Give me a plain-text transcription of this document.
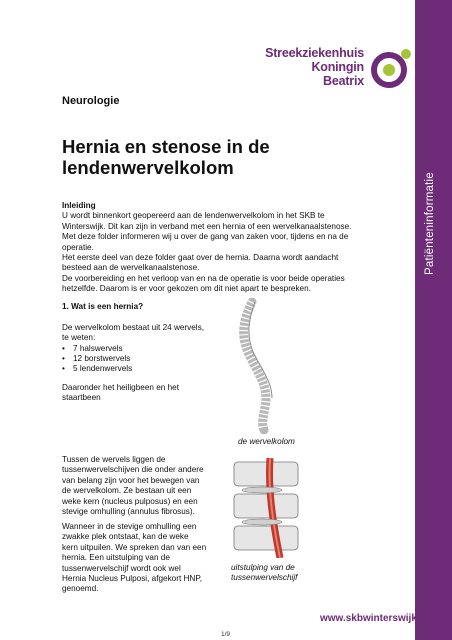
Patiënteninformatie
Streekziekenhuis
Koningin
Beatrix
Neurologie
Hernia en stenose in de lendenwervelkolom
Inleiding
U wordt binnenkort geopereerd aan de lendenwervelkolom in het SKB te
Winterswijk. Dit kan zijn in verband met een hernia of een wervelkanaalstenose.
Met deze folder informeren wij u over de gang van zaken voor, tijdens en na de
operatie.
Het eerste deel van deze folder gaat over de hernia. Daarna wordt aandacht
besteed aan de wervelkanaalstenose.
De voorbereiding en het verloop van en na de operatie is voor beide operaties
hetzelfde. Daarom is er voor gekozen om dit niet apart te bespreken.
1. Wat is een hernia?
De wervelkolom bestaat uit 24 wervels,
te weten:
• 7 halswervels
• 12 borstwervels
• 5 lendenwervels
Daaronder het heiligbeen en het
staartbeen
de wervelkolom
Tussen de wervels liggen de
tussenwervelschijven die onder andere
van belang zijn voor het bewegen van
de wervelkolom. Ze bestaan uit een
weke kern (nucleus pulposus) en een
stevige omhulling (annulus fibrosus).
Wanneer in de stevige omhulling een
zwakke plek ontstaat, kan de weke
kern uitpuilen. We spreken dan van een
hernia. Een uitstulping van de
tussenwervelschijf wordt ook wel
Hernia Nucleus Pulposi, afgekort HNP,
genoemd.
uitstulping van de
tussenwervelschijf
www.skbwinterswijk.nl
1/9
